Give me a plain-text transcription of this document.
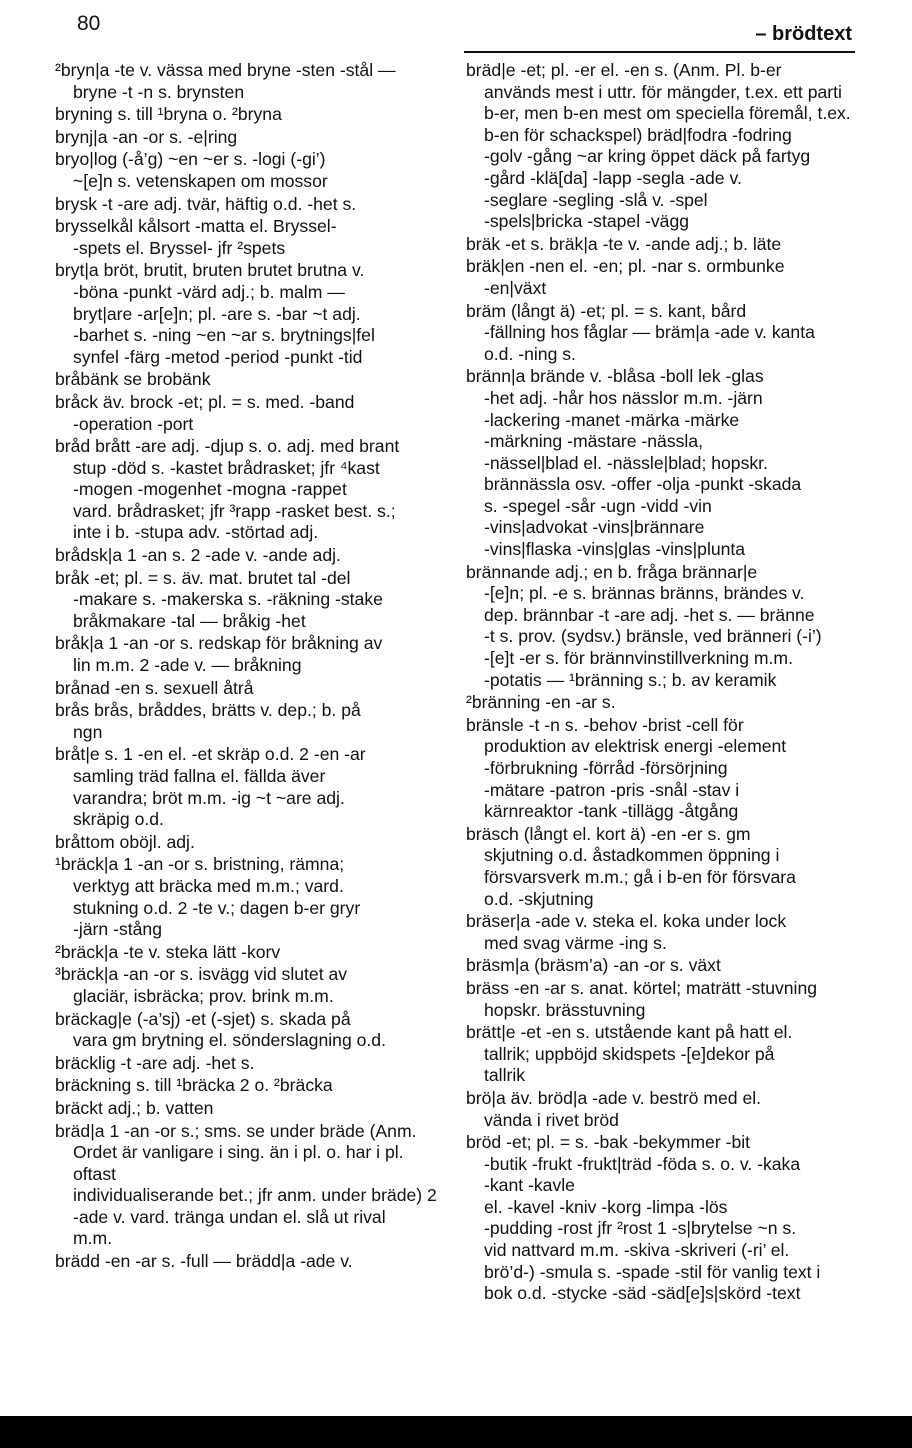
80	– brödtext

²bryn|a -te v. vässa med bryne -sten -stål —
bryne -t -n s. brynsten

bryning s. till ¹bryna o. ²bryna

brynj|a -an -or s. -e|ring

bryo|log (-å’g) ~en ~er s. -logi (-gi’)
~[e]n s. vetenskapen om mossor

brysk -t -are adj. tvär, häftig o.d. -het s.

brysselkål kålsort -matta el. Bryssel-
-spets el. Bryssel- jfr ²spets

bryt|a bröt, brutit, bruten brutet brutna v.
-böna -punkt -värd adj.; b. malm —
bryt|are -ar[e]n; pl. -are s. -bar ~t adj.
-barhet s. -ning ~en ~ar s. brytnings|fel
synfel -färg -metod -period -punkt -tid

bråbänk se brobänk

bråck äv. brock -et; pl. = s. med. -band
-operation -port

bråd brått -are adj. -djup s. o. adj. med brant
stup -död s. -kastet brådrasket; jfr ⁴kast
-mogen -mogenhet -mogna -rappet
vard. brådrasket; jfr ³rapp -rasket best. s.;
inte i b. -stupa adv. -störtad adj.

brådsk|a 1 -an s. 2 -ade v. -ande adj.

bråk -et; pl. = s. äv. mat. brutet tal -del
-makare s. -makerska s. -räkning -stake
bråkmakare -tal — bråkig -het

bråk|a 1 -an -or s. redskap för bråkning av
lin m.m. 2 -ade v. — bråkning

brånad -en s. sexuell åtrå

brås brås, bråddes, brätts v. dep.; b. på
ngn

bråt|e s. 1 -en el. -et skräp o.d. 2 -en -ar
samling träd fallna el. fällda äver
varandra; bröt m.m. -ig ~t ~are adj.
skräpig o.d.

bråttom oböjl. adj.

¹bräck|a 1 -an -or s. bristning, rämna;
verktyg att bräcka med m.m.; vard.
stukning o.d. 2 -te v.; dagen b-er gryr
-järn -stång

²bräck|a -te v. steka lätt -korv

³bräck|a -an -or s. isvägg vid slutet av
glaciär, isbräcka; prov. brink m.m.

bräckag|e (-a’sj) -et (-sjet) s. skada på
vara gm brytning el. sönderslagning o.d.

bräcklig -t -are adj. -het s.

bräckning s. till ¹bräcka 2 o. ²bräcka

bräckt adj.; b. vatten

bräd|a 1 -an -or s.; sms. se under bräde (Anm.
Ordet är vanligare i sing. än i pl. o. har i pl. oftast
individualiserande bet.; jfr anm. under bräde) 2
-ade v. vard. tränga undan el. slå ut rival
m.m.

brädd -en -ar s. -full — brädd|a -ade v.

bräd|e -et; pl. -er el. -en s. (Anm. Pl. b-er
används mest i uttr. för mängder, t.ex. ett parti
b-er, men b-en mest om speciella föremål, t.ex.
b-en för schackspel) bräd|fodra -fodring
-golv -gång ~ar kring öppet däck på fartyg
-gård -klä[da] -lapp -segla -ade v.
-seglare -segling -slå v. -spel
-spels|bricka -stapel -vägg

bräk -et s. bräk|a -te v. -ande adj.; b. läte

bräk|en -nen el. -en; pl. -nar s. ormbunke
-en|växt

bräm (långt ä) -et; pl. = s. kant, bård
-fällning hos fåglar — bräm|a -ade v. kanta
o.d. -ning s.

bränn|a brände v. -blåsa -boll lek -glas
-het adj. -hår hos nässlor m.m. -järn
-lackering -manet -märka -märke
-märkning -mästare -nässla,
-nässel|blad el. -nässle|blad; hopskr.
brännässla osv. -offer -olja -punkt -skada
s. -spegel -sår -ugn -vidd -vin
-vins|advokat -vins|brännare
-vins|flaska -vins|glas -vins|plunta

brännande adj.; en b. fråga brännar|e
-[e]n; pl. -e s. brännas bränns, brändes v.
dep. brännbar -t -are adj. -het s. — bränne
-t s. prov. (sydsv.) bränsle, ved bränneri (-i’)
-[e]t -er s. för brännvinstillverkning m.m.
-potatis — ¹bränning s.; b. av keramik

²bränning -en -ar s.

bränsle -t -n s. -behov -brist -cell för
produktion av elektrisk energi -element
-förbrukning -förråd -försörjning
-mätare -patron -pris -snål -stav i
kärnreaktor -tank -tillägg -åtgång

bräsch (långt el. kort ä) -en -er s. gm
skjutning o.d. åstadkommen öppning i
försvarsverk m.m.; gå i b-en för försvara
o.d. -skjutning

bräser|a -ade v. steka el. koka under lock
med svag värme -ing s.

bräsm|a (bräsm’a) -an -or s. växt

bräss -en -ar s. anat. körtel; maträtt -stuvning
hopskr. brässtuvning

brätt|e -et -en s. utstående kant på hatt el.
tallrik; uppböjd skidspets -[e]dekor på
tallrik

brö|a äv. bröd|a -ade v. beströ med el.
vända i rivet bröd

bröd -et; pl. = s. -bak -bekymmer -bit
-butik -frukt -frukt|träd -föda s. o. v. -kaka
-kant -kavle
el. -kavel -kniv -korg -limpa -lös
-pudding -rost jfr ²rost 1 -s|brytelse ~n s.
vid nattvard m.m. -skiva -skriveri (-ri’ el.
brö’d-) -smula s. -spade -stil för vanlig text i
bok o.d. -stycke -säd -säd[e]s|skörd -text
